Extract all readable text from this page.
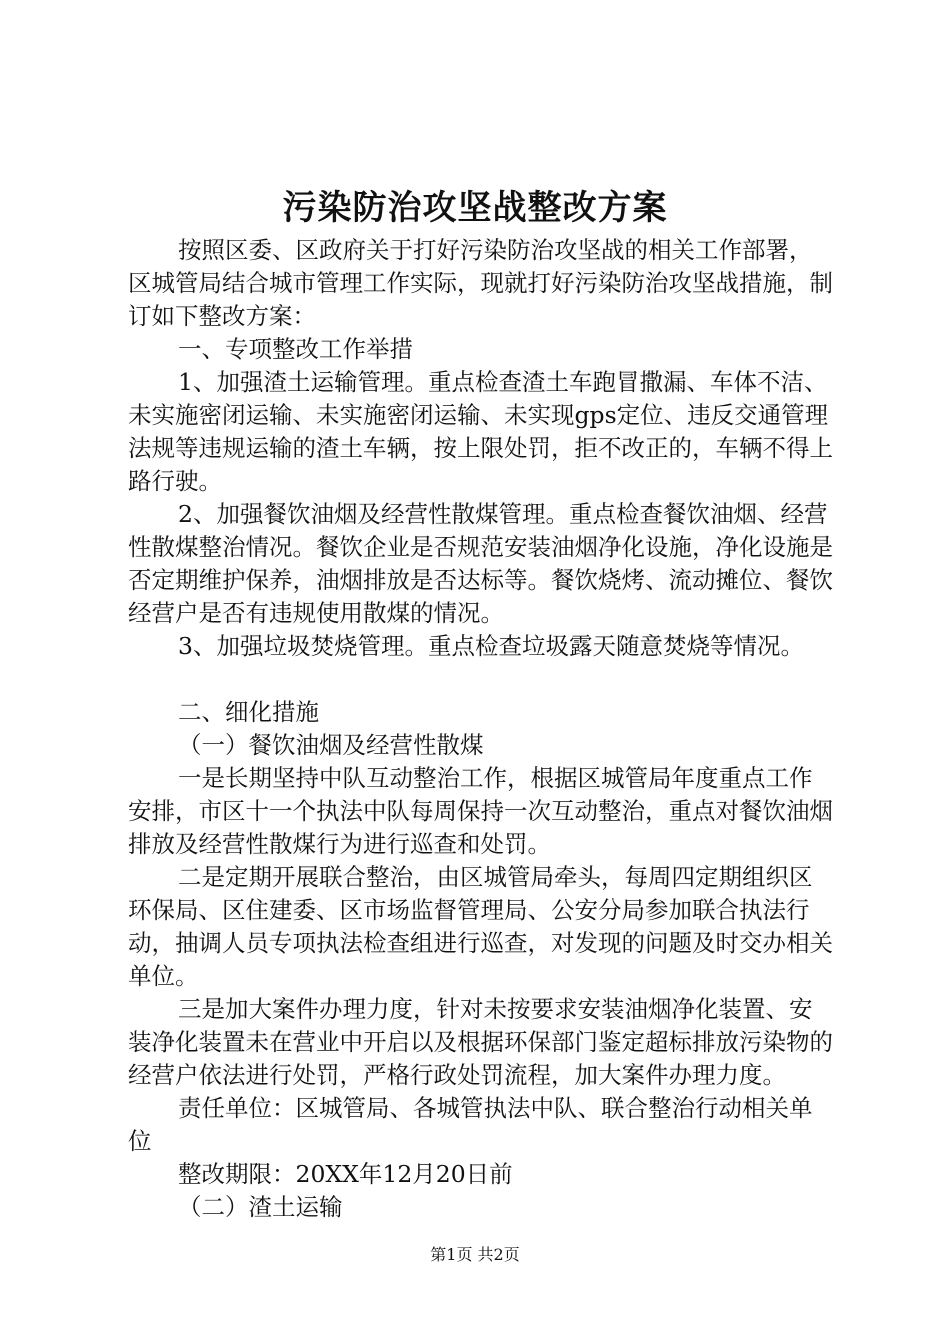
污染防治攻坚战整改方案

按照区委、区政府关于打好污染防治攻坚战的相关工作部署，区城管局结合城市管理工作实际，现就打好污染防治攻坚战措施，制订如下整改方案：

一、专项整改工作举措

1、加强渣土运输管理。重点检查渣土车跑冒撒漏、车体不洁、未实施密闭运输、未实施密闭运输、未实现gps定位、违反交通管理法规等违规运输的渣土车辆，按上限处罚，拒不改正的，车辆不得上路行驶。

2、加强餐饮油烟及经营性散煤管理。重点检查餐饮油烟、经营性散煤整治情况。餐饮企业是否规范安装油烟净化设施，净化设施是否定期维护保养，油烟排放是否达标等。餐饮烧烤、流动摊位、餐饮经营户是否有违规使用散煤的情况。

3、加强垃圾焚烧管理。重点检查垃圾露天随意焚烧等情况。

二、细化措施

（一）餐饮油烟及经营性散煤

一是长期坚持中队互动整治工作，根据区城管局年度重点工作安排，市区十一个执法中队每周保持一次互动整治，重点对餐饮油烟排放及经营性散煤行为进行巡查和处罚。

二是定期开展联合整治，由区城管局牵头，每周四定期组织区环保局、区住建委、区市场监督管理局、公安分局参加联合执法行动，抽调人员专项执法检查组进行巡查，对发现的问题及时交办相关单位。

三是加大案件办理力度，针对未按要求安装油烟净化装置、安装净化装置未在营业中开启以及根据环保部门鉴定超标排放污染物的经营户依法进行处罚，严格行政处罚流程，加大案件办理力度。

责任单位：区城管局、各城管执法中队、联合整治行动相关单位

整改期限：20XX年12月20日前

（二）渣土运输

第1页 共2页
